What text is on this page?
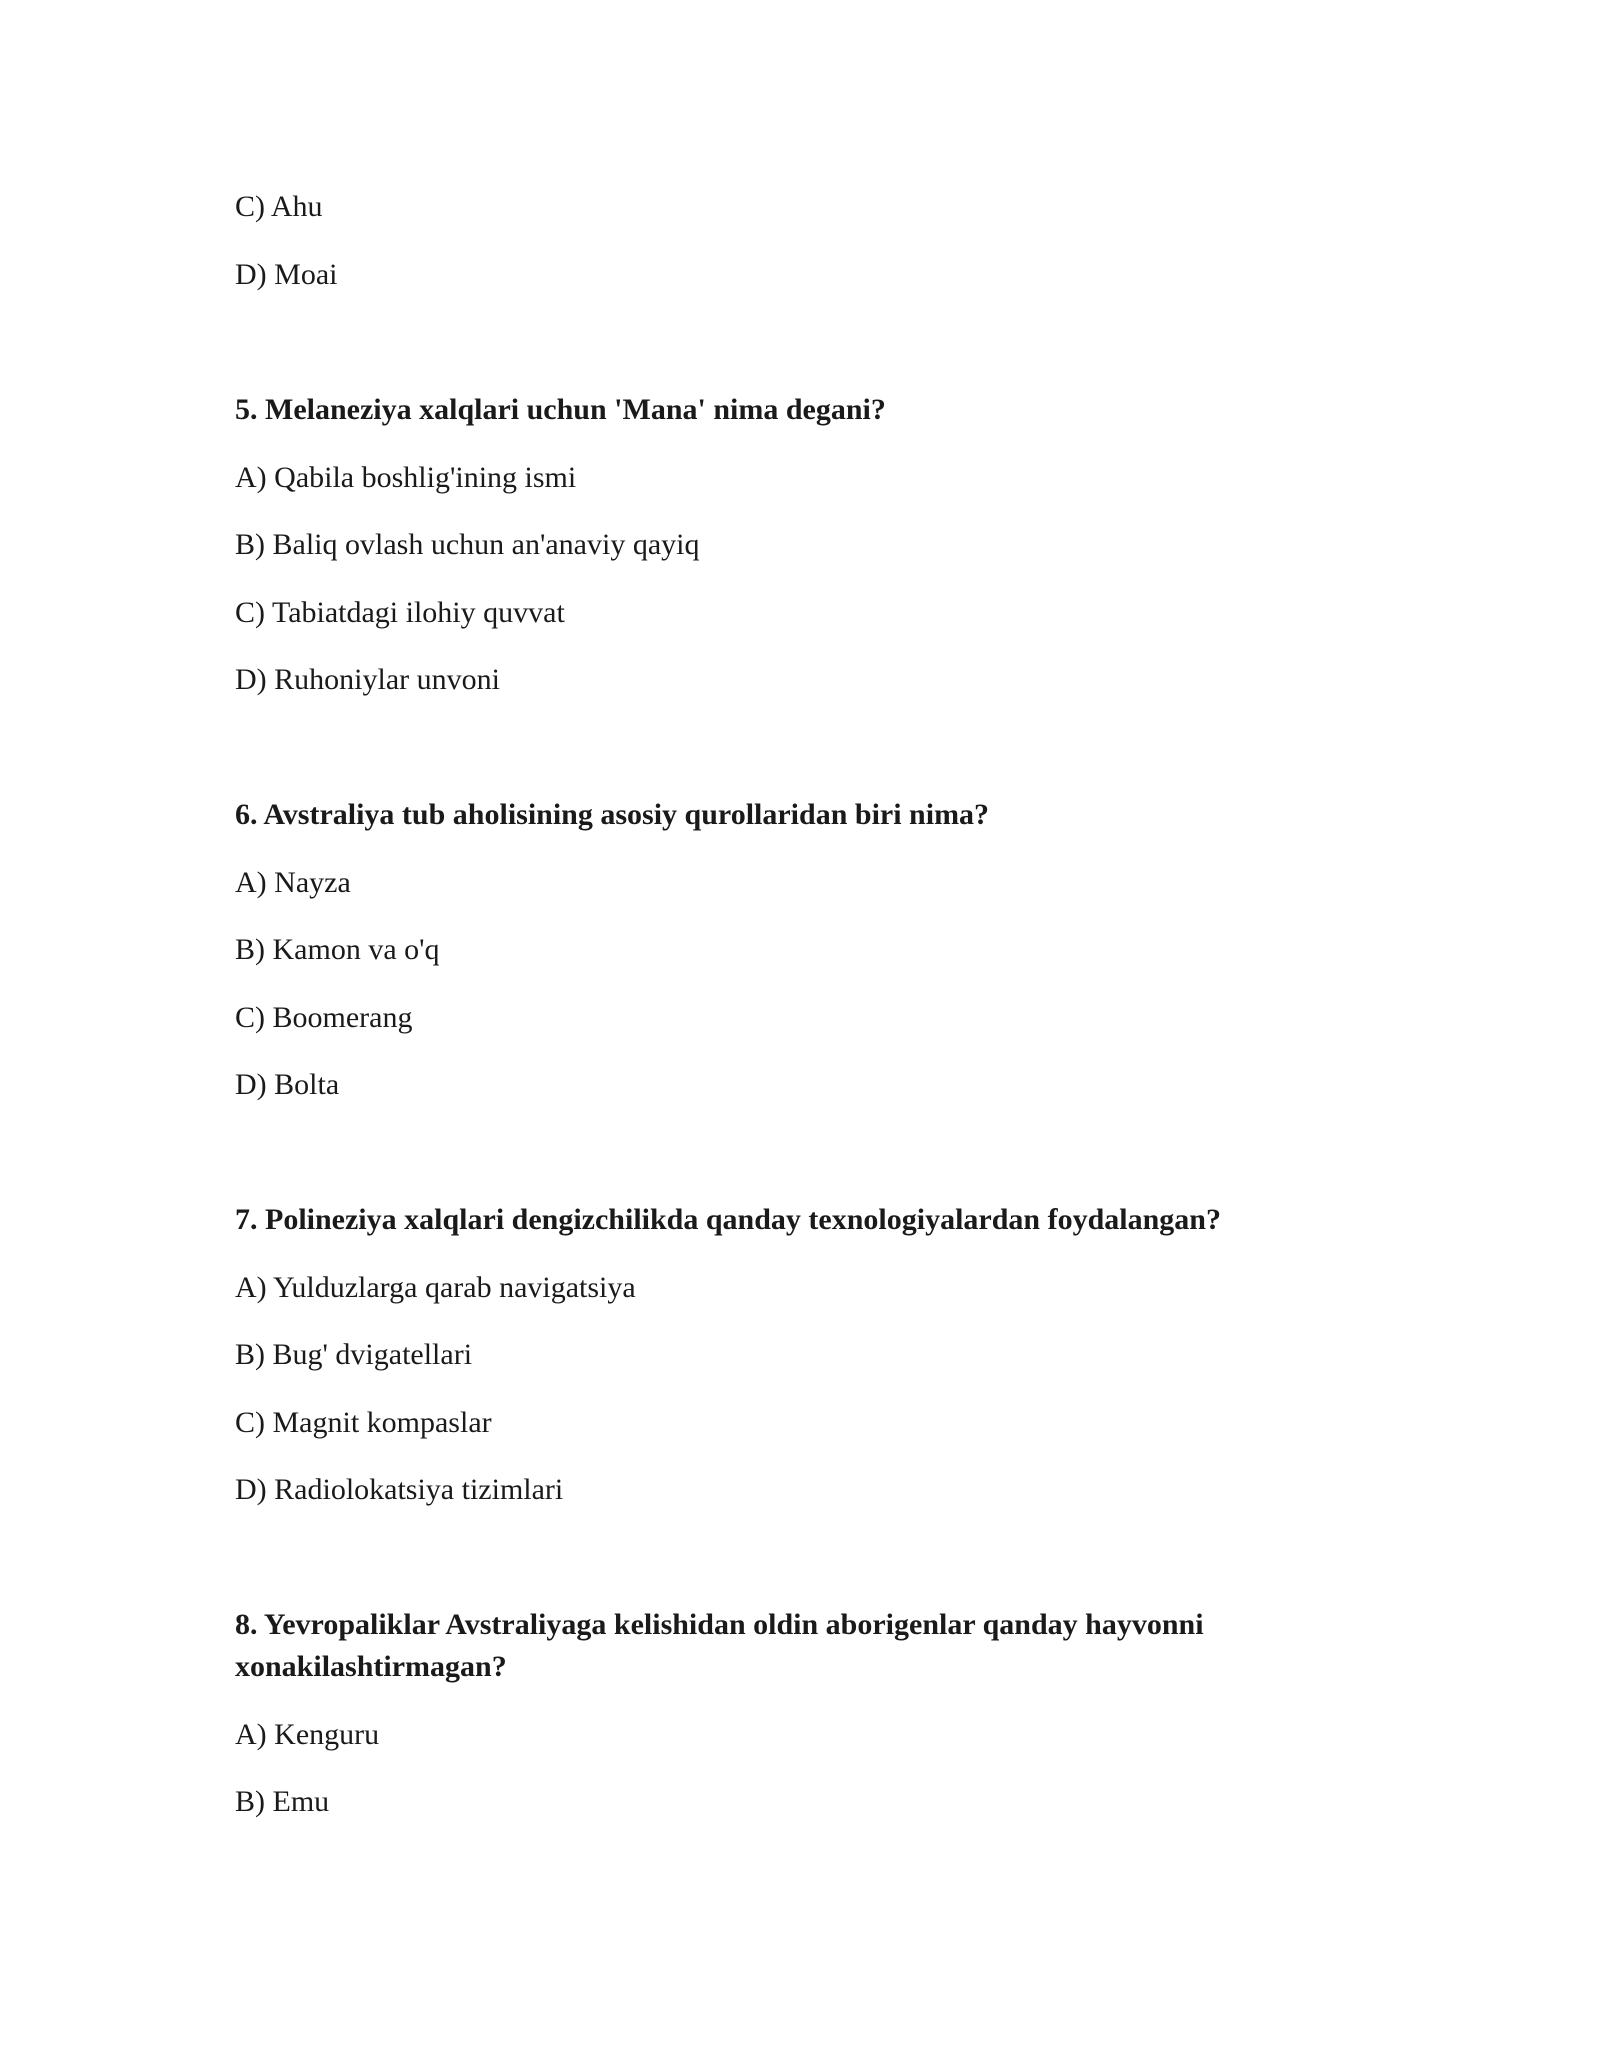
C) Ahu
D) Moai
5. Melaneziya xalqlari uchun 'Mana' nima degani?
A) Qabila boshlig'ining ismi
B) Baliq ovlash uchun an'anaviy qayiq
C) Tabiatdagi ilohiy quvvat
D) Ruhoniylar unvoni
6. Avstraliya tub aholisining asosiy qurollaridan biri nima?
A) Nayza
B) Kamon va o'q
C) Boomerang
D) Bolta
7. Polineziya xalqlari dengizchilikda qanday texnologiyalardan foydalangan?
A) Yulduzlarga qarab navigatsiya
B) Bug' dvigatellari
C) Magnit kompaslar
D) Radiolokatsiya tizimlari
8. Yevropaliklar Avstraliyaga kelishidan oldin aborigenlar qanday hayvonni xonakilashtirmagan?
A) Kenguru
B) Emu
